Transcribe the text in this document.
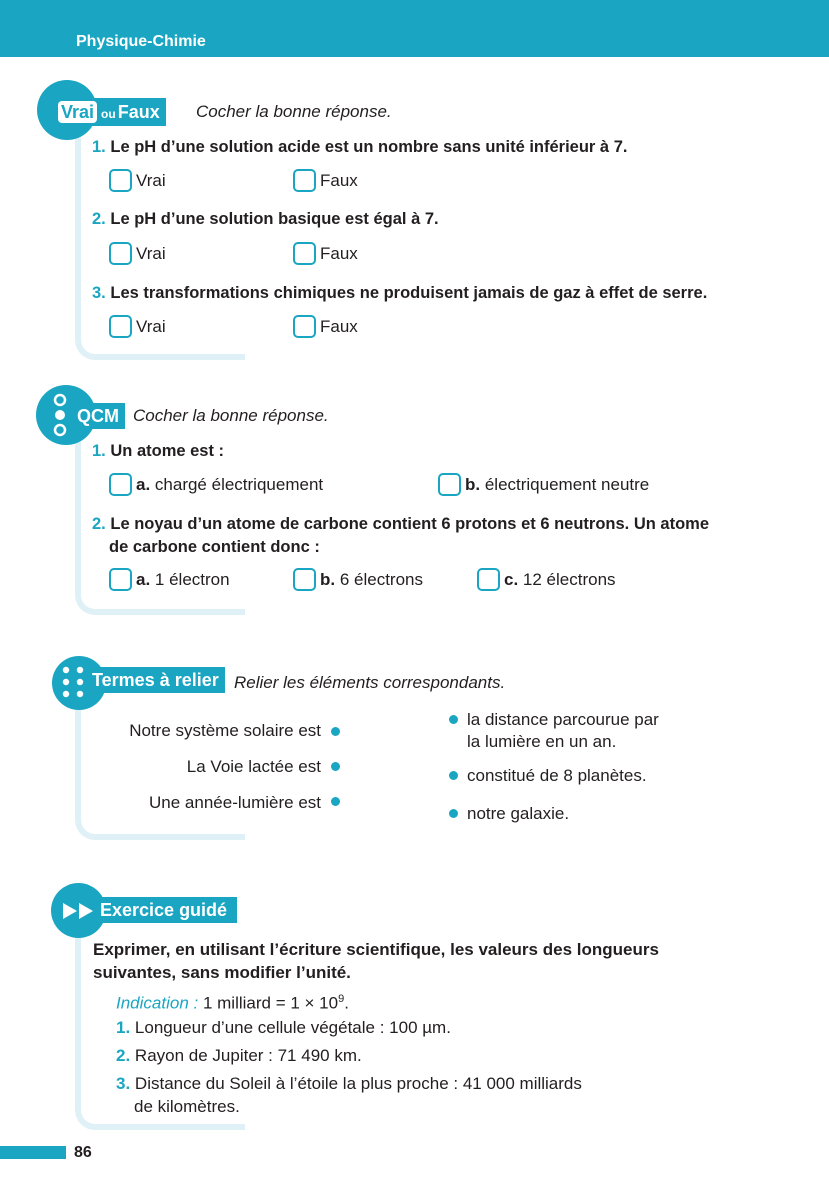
Physique-Chimie
Vrai ou Faux	Cocher la bonne réponse.
1. Le pH d’une solution acide est un nombre sans unité inférieur à 7.
Vrai	Faux
2. Le pH d’une solution basique est égal à 7.
Vrai	Faux
3. Les transformations chimiques ne produisent jamais de gaz à effet de serre.
Vrai	Faux
QCM Cocher la bonne réponse.
1. Un atome est :
a. chargé électriquement	b. électriquement neutre
2. Le noyau d’un atome de carbone contient 6 protons et 6 neutrons. Un atome
de carbone contient donc :
a. 1 électron	b. 6 électrons	c. 12 électrons
Termes à relier Relier les éléments correspondants.
Notre système solaire est
La Voie lactée est
Une année-lumière est
la distance parcourue par
la lumière en un an.
constitué de 8 planètes.
notre galaxie.
Exercice guidé
Exprimer, en utilisant l’écriture scientifique, les valeurs des longueurs
suivantes, sans modifier l’unité.
Indication : 1 milliard = $1 \times 10^9$.
1. Longueur d’une cellule végétale : 100 µm.
2. Rayon de Jupiter : 71 490 km.
3. Distance du Soleil à l’étoile la plus proche : 41 000 milliards
de kilomètres.
86
